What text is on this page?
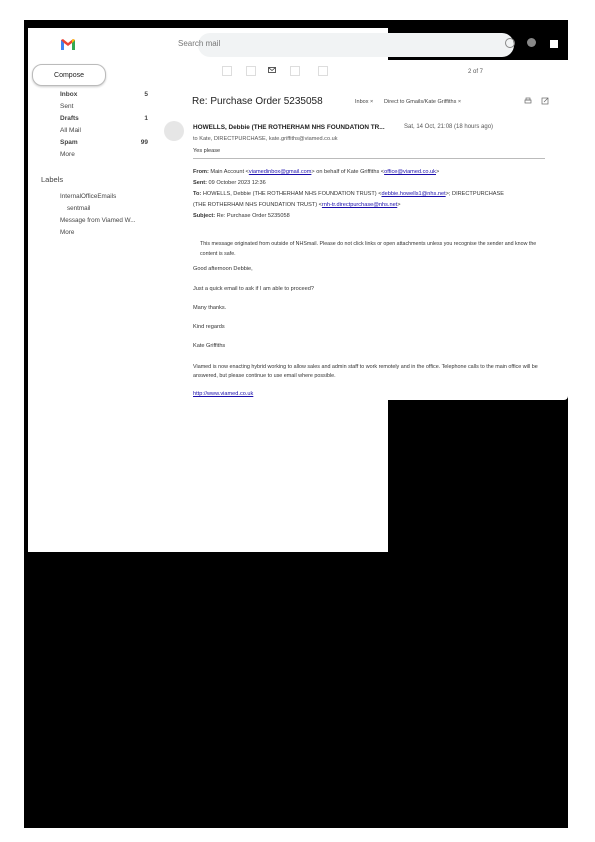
Search mail
Compose
Inbox	5
Sent
Drafts	1
All Mail
Spam	99
More
Labels
InternalOfficeEmails
sentmail
Message from Viamed W...
More
2 of 7
Re: Purchase Order 5235058	Inbox × Direct to Gmails/Kate Griffiths ×
HOWELLS, Debbie (THE ROTHERHAM NHS FOUNDATION TR...	Sat, 14 Oct, 21:08 (18 hours ago)
to Kate, DIRECTPURCHASE, kate.griffiths@viamed.co.uk
Yes please
From: Main Account <viamedinbox@gmail.com> on behalf of Kate Griffiths <office@viamed.co.uk>
Sent: 09 October 2023 12:36
To: HOWELLS, Debbie (THE ROTHERHAM NHS FOUNDATION TRUST) <debbie.howells1@nhs.net>; DIRECTPURCHASE
(THE ROTHERHAM NHS FOUNDATION TRUST) <rnh-tr.directpurchase@nhs.net>
Subject: Re: Purchase Order 5235058
This message originated from outside of NHSmail. Please do not click links or open attachments unless you recognise the sender and know the content is safe.
Good afternoon Debbie,
Just a quick email to ask if I am able to proceed?
Many thanks.
Kind regards
Kate Griffiths
Viamed is now enacting hybrid working to allow sales and admin staff to work remotely and in the office. Telephone calls to the main office will be answered, but please continue to use email where possible.
http://www.viamed.co.uk
